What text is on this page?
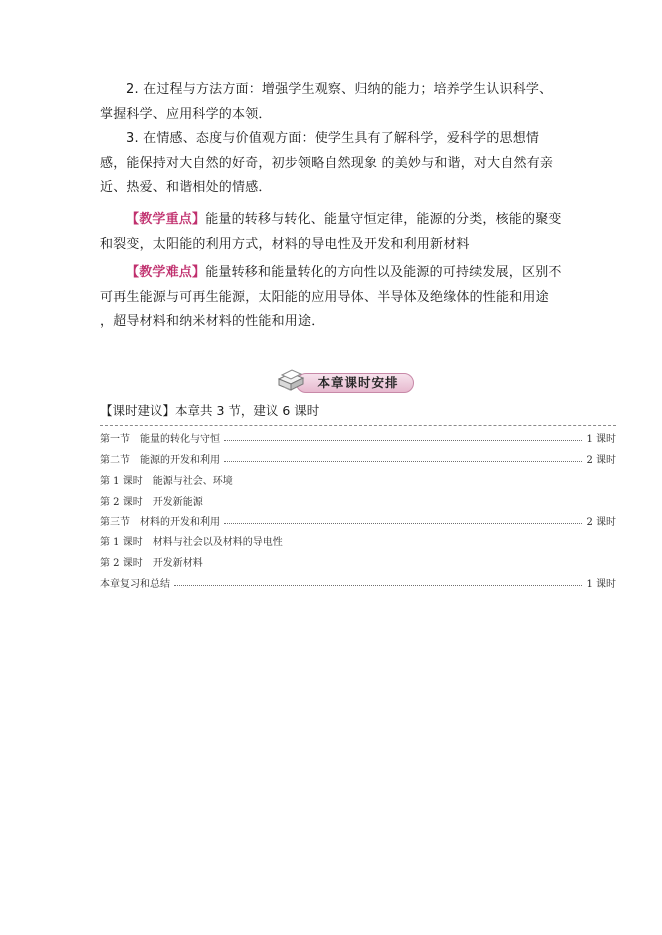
2. 在过程与方法方面：增强学生观察、归纳的能力；培养学生认识科学、掌握科学、应用科学的本领．
3. 在情感、态度与价值观方面：使学生具有了解科学，爱科学的思想情感，能保持对大自然的好奇，初步领略自然现象 的美妙与和谐，对大自然有亲近、热爱、和谐相处的情感．
【教学重点】能量的转移与转化、能量守恒定律，能源的分类，核能的聚变和裂变，太阳能的利用方式，材料的导电性及开发和利用新材料
【教学难点】能量转移和能量转化的方向性以及能源的可持续发展，区别不可再生能源与可再生能源，太阳能的应用导体、半导体及绝缘体的性能和用途 ，超导材料和纳米材料的性能和用途．
本章课时安排
【课时建议】本章共 3 节，建议 6 课时
第一节　能量的转化与守恒	1 课时
第二节　能源的开发和利用	2 课时
第 1 课时　能源与社会、环境
第 2 课时　开发新能源
第三节　材料的开发和利用	2 课时
第 1 课时　材料与社会以及材料的导电性
第 2 课时　开发新材料
本章复习和总结	1 课时
